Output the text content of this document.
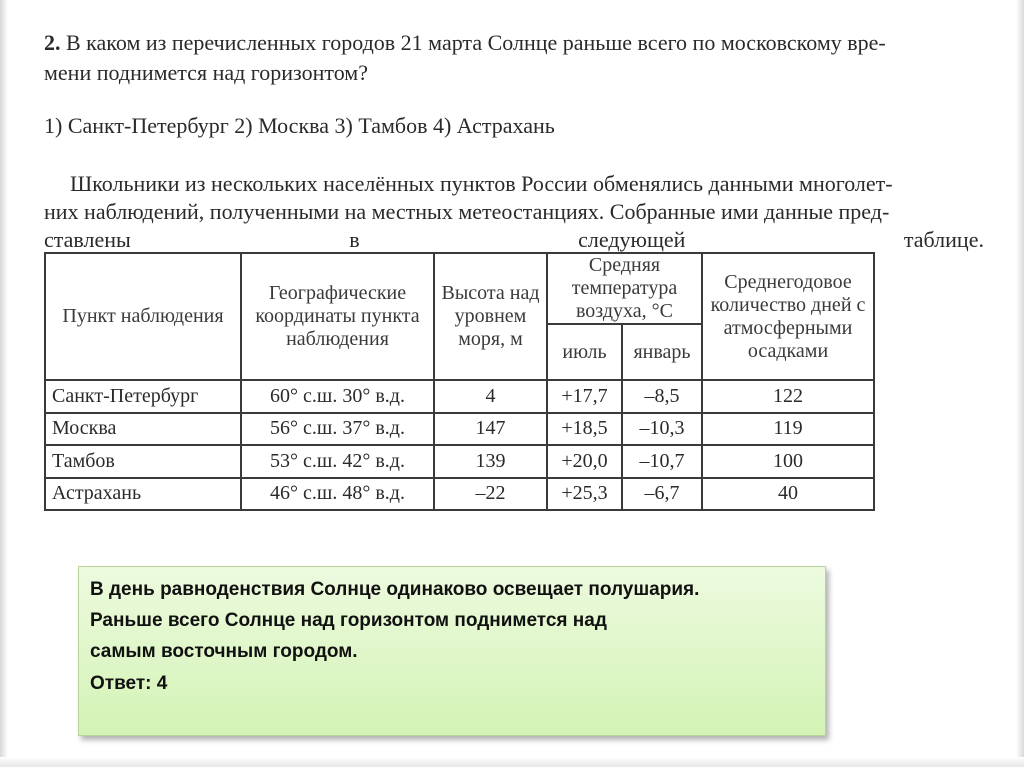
2. В каком из перечисленных городов 21 марта Солнце раньше всего по московскому вре-
мени поднимется над горизонтом?
1) Санкт-Петербург 2) Москва 3) Тамбов 4) Астрахань
Школьники из нескольких населённых пунктов России обменялись данными многолет-
них наблюдений, полученными на местных метеостанциях. Собранные ими данные пред-
ставлены	в	следующей	таблице.
Пункт наблюдения	Географические координаты пункта наблюдения	Высота над уровнем моря, м	Средняя температура воздуха, °С		Среднегодовое количество дней с атмосферными осадками
			июль	январь	
Санкт-Петербург	60° с.ш. 30° в.д.	4	+17,7	–8,5	122
Москва	56° с.ш. 37° в.д.	147	+18,5	–10,3	119
Тамбов	53° с.ш. 42° в.д.	139	+20,0	–10,7	100
Астрахань	46° с.ш. 48° в.д.	–22	+25,3	–6,7	40
В день равноденствия Солнце одинаково освещает полушария.
Раньше всего Солнце над горизонтом поднимется над
самым восточным городом.
Ответ: 4
